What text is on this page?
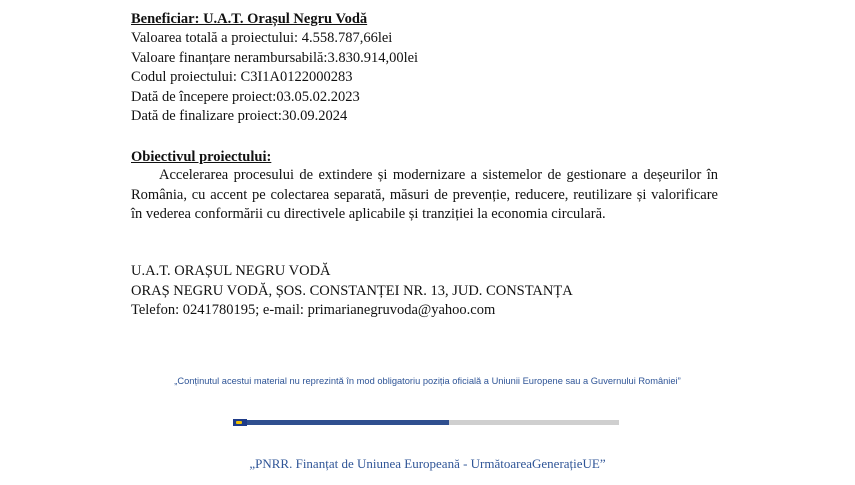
Beneficiar: U.A.T. Orașul Negru Vodă
Valoarea totală a proiectului: 4.558.787,66lei
Valoare finanțare nerambursabilă:3.830.914,00lei
Codul proiectului: C3I1A0122000283
Dată de începere proiect:03.05.02.2023
Dată de finalizare proiect:30.09.2024
Obiectivul proiectului:
Accelerarea procesului de extindere și modernizare a sistemelor de gestionare a deșeurilor în România, cu accent pe colectarea separată, măsuri de prevenție, reducere, reutilizare și valorificare în vederea conformării cu directivele aplicabile și tranziției la economia circulară.
U.A.T. ORAȘUL NEGRU VODĂ
ORAȘ NEGRU VODĂ, ȘOS. CONSTANȚEI NR. 13, JUD. CONSTANȚA
Telefon: 0241780195; e-mail: primarianegruvoda@yahoo.com
„Conținutul acestui material nu reprezintă în mod obligatoriu poziția oficială a Uniunii Europene sau a Guvernului României”
„PNRR. Finanțat de Uniunea Europeană - UrmătoareaGenerațieUE”
